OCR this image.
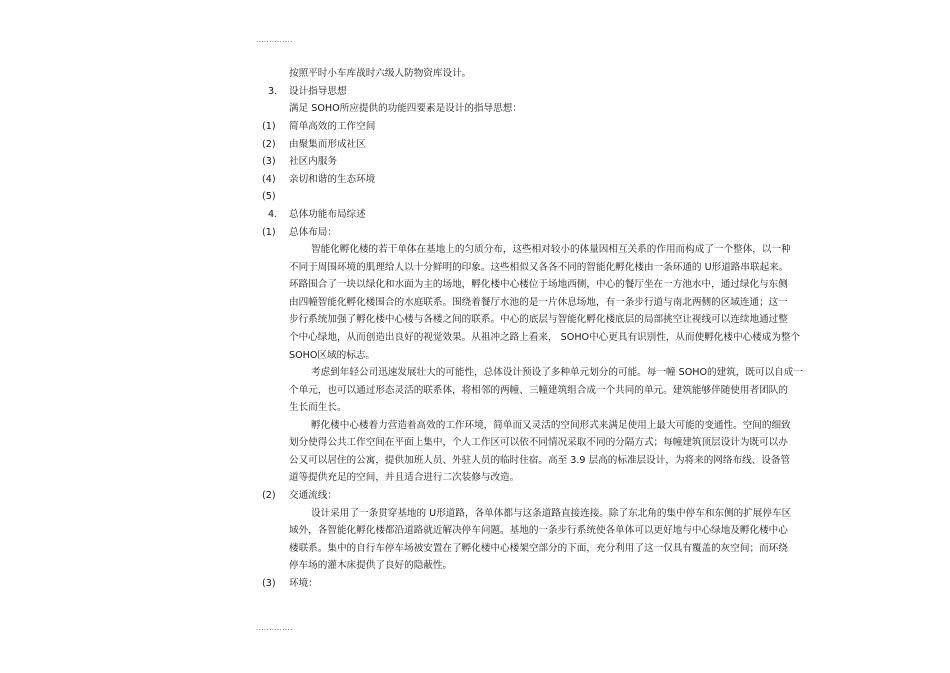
··············
按照平时小车库战时六级人防物资库设计。
3. 设计指导思想
满足 SOHO所应提供的功能四要素是设计的指导思想：
(1) 简单高效的工作空间
(2) 由聚集而形成社区
(3) 社区内服务
(4) 亲切和谐的生态环境
(5)
4. 总体功能布局综述
(1) 总体布局：
智能化孵化楼的若干单体在基地上的匀质分布，这些相对较小的体量因相互关系的作用而构成了一个整体，以一种
不同于周围环境的肌理给人以十分鲜明的印象。这些相似又各各不同的智能化孵化楼由一条环通的 U形道路串联起来。
环路围合了一块以绿化和水面为主的场地，孵化楼中心楼位于场地西侧，中心的餐厅坐在一方池水中，通过绿化与东侧
由四幢智能化孵化楼围合的水庭联系。围绕着餐厅水池的是一片休息场地，有一条步行道与南北两侧的区域连通；这一
步行系统加强了孵化楼中心楼与各楼之间的联系。中心的底层与智能化孵化楼底层的局部挑空让视线可以连续地通过整
个中心绿地，从而创造出良好的视觉效果。从祖冲之路上看来， SOHO中心更具有识别性，从而使孵化楼中心楼成为整个
SOHO区域的标志。
考虑到年轻公司迅速发展壮大的可能性，总体设计预设了多种单元划分的可能。每一幢 SOHO的建筑，既可以自成一
个单元，也可以通过形态灵活的联系体，将相邻的两幢、三幢建筑组合成一个共同的单元。建筑能够伴随使用者团队的
生长而生长。
孵化楼中心楼着力营造着高效的工作环境，简单而又灵活的空间形式来满足使用上最大可能的变通性。空间的细致
划分使得公共工作空间在平面上集中，个人工作区可以依不同情况采取不同的分隔方式；每幢建筑顶层设计为既可以办
公又可以居住的公寓，提供加班人员、外驻人员的临时住宿。高至 3.9 层高的标准层设计，为将来的网络布线、设备管
道等提供充足的空间，并且适合进行二次装修与改造。
(2) 交通流线：
设计采用了一条贯穿基地的 U形道路，各单体都与这条道路直接连接。除了东北角的集中停车和东侧的扩展停车区
域外，各智能化孵化楼都沿道路就近解决停车问题。基地的一条步行系统使各单体可以更好地与中心绿地及孵化楼中心
楼联系。集中的自行车停车场被安置在了孵化楼中心楼架空部分的下面，充分利用了这一仅具有覆盖的灰空间；而环绕
停车场的灌木床提供了良好的隐蔽性。
(3) 环境：
··············
